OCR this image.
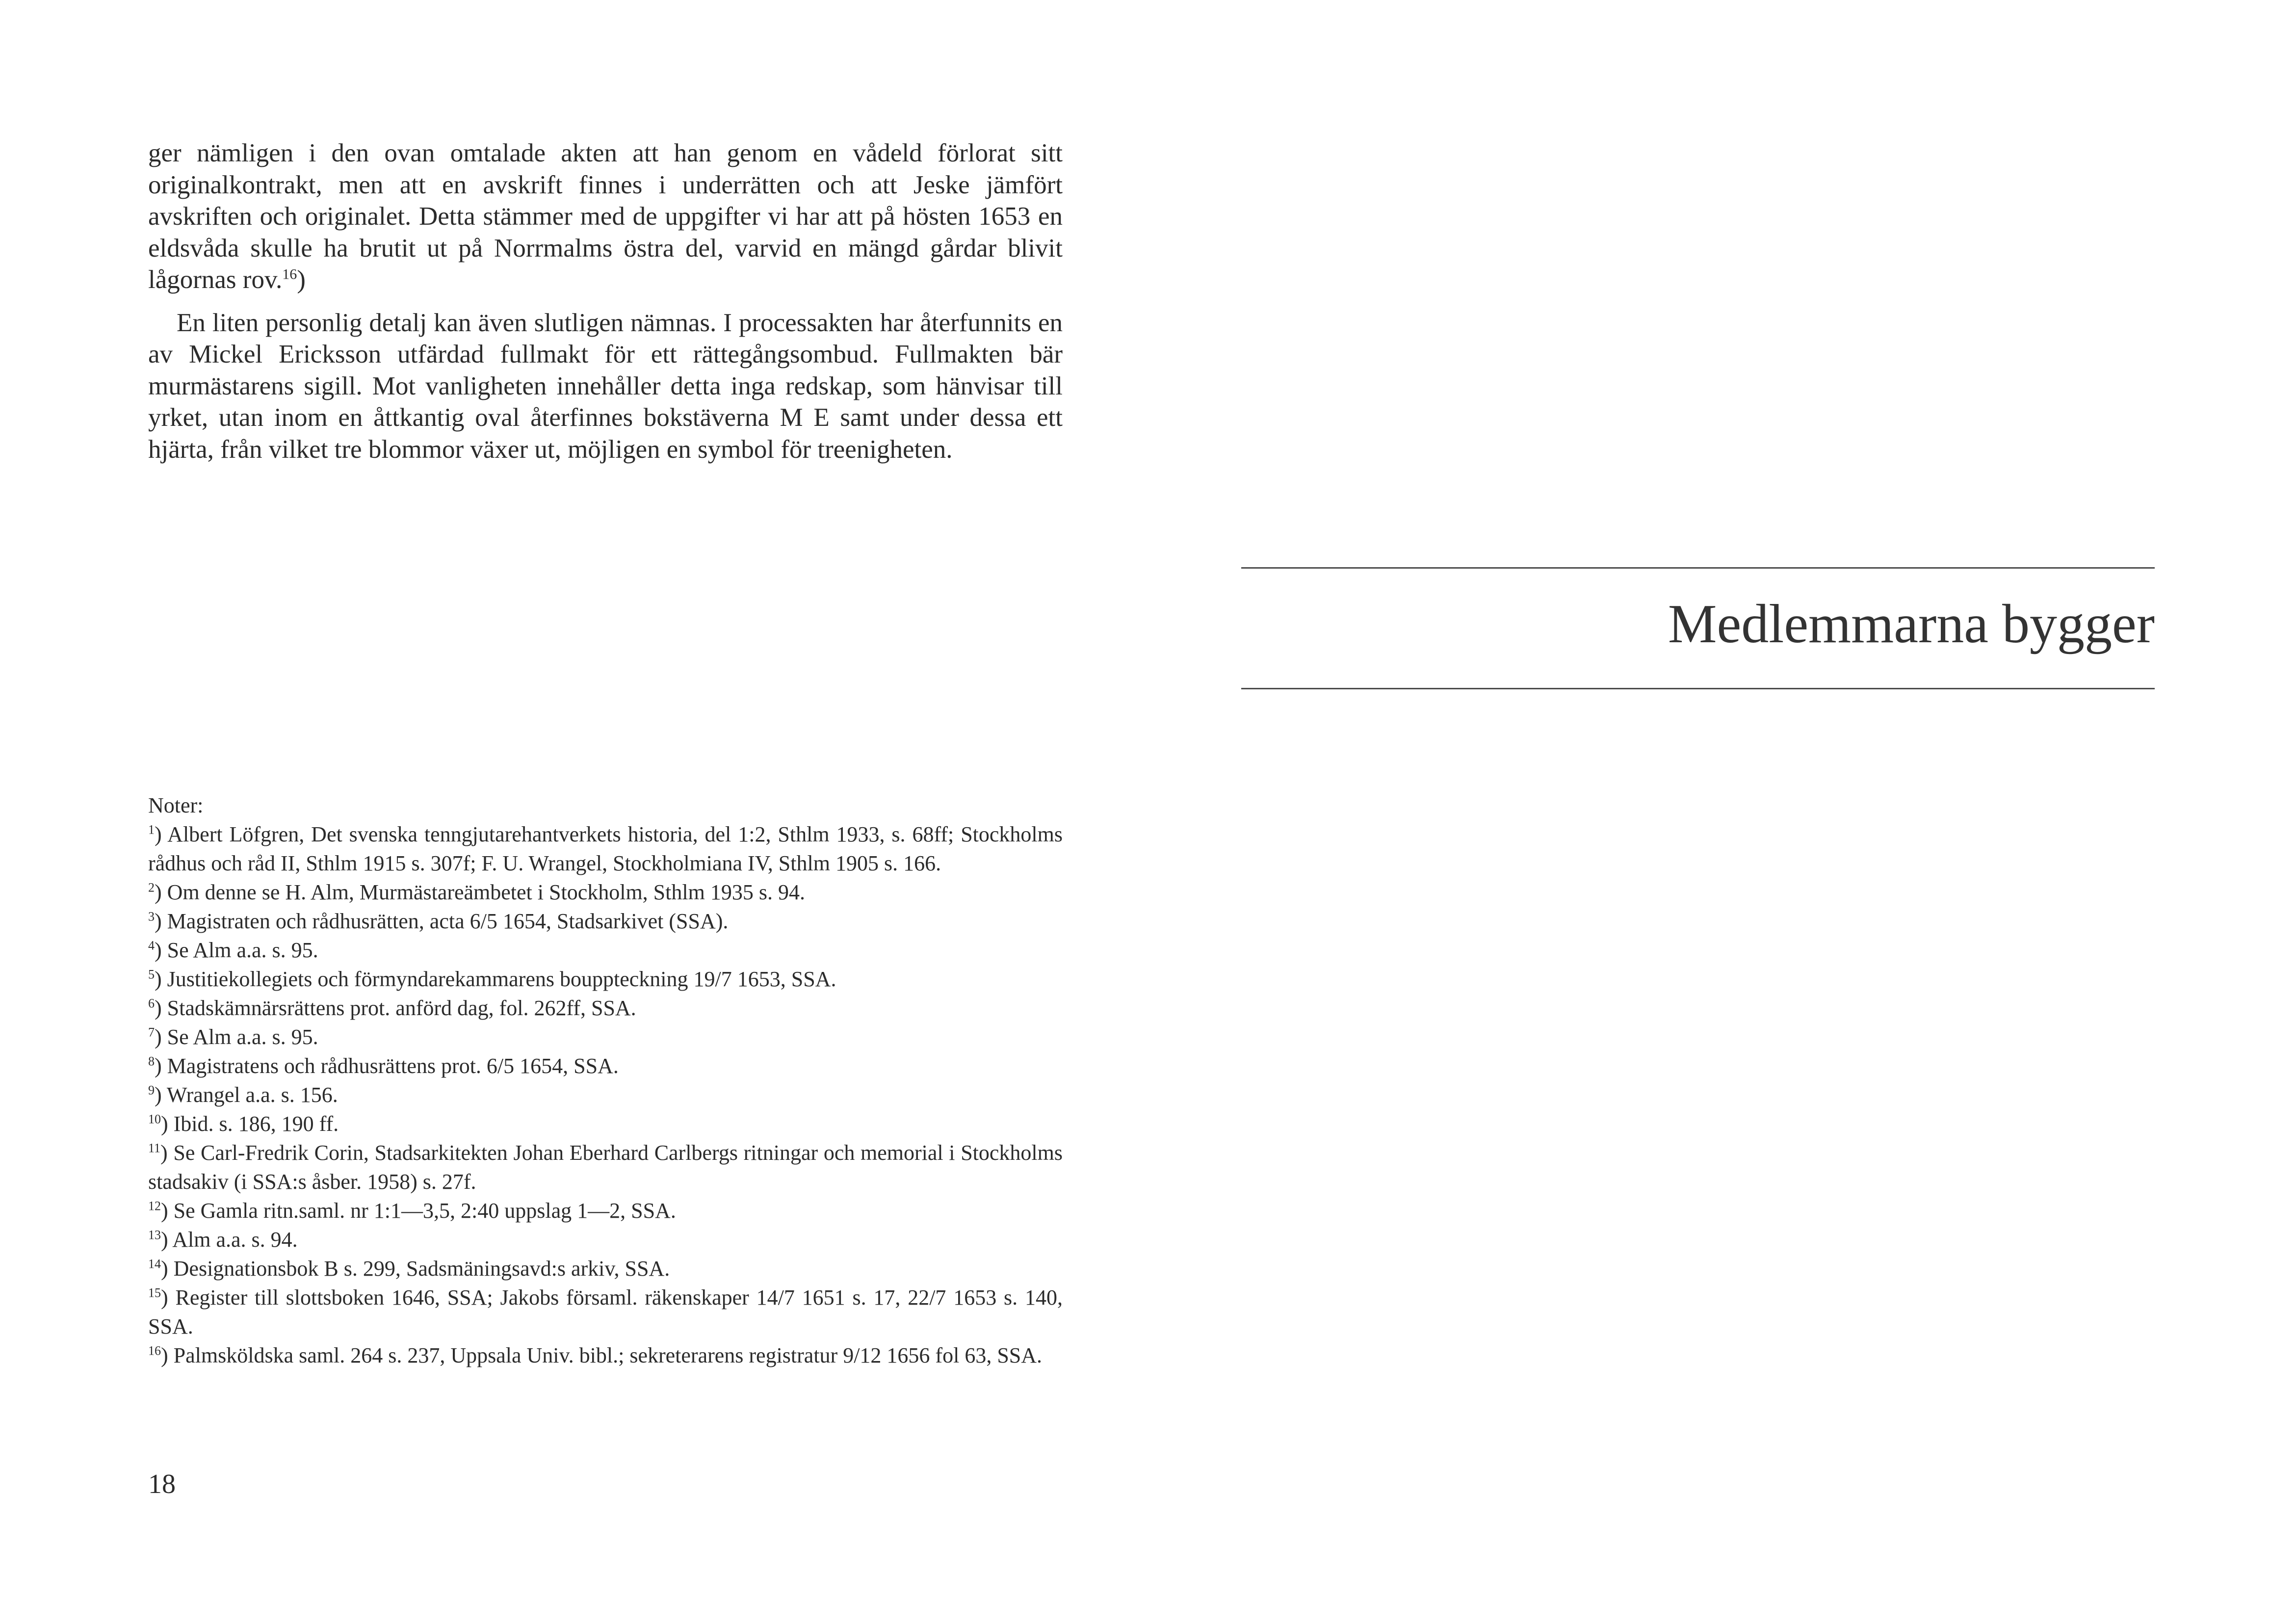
ger nämligen i den ovan omtalade akten att han genom en vådeld förlorat sitt originalkontrakt, men att en avskrift finnes i underrätten och att Jeske jämfört avskriften och originalet. Detta stämmer med de uppgifter vi har att på hösten 1653 en eldsvåda skulle ha brutit ut på Norrmalms östra del, varvid en mängd gårdar blivit lågornas rov.$^{16}$)

En liten personlig detalj kan även slutligen nämnas. I processakten har återfunnits en av Mickel Ericksson utfärdad fullmakt för ett rättegångsombud. Fullmakten bär murmästarens sigill. Mot vanligheten innehåller detta inga redskap, som hänvisar till yrket, utan inom en åttkantig oval återfinnes bokstäverna M E samt under dessa ett hjärta, från vilket tre blommor växer ut, möjligen en symbol för treenigheten.

Noter:
$^1$) Albert Löfgren, Det svenska tenngjutarehantverkets historia, del 1:2, Sthlm 1933, s. 68ff; Stockholms rådhus och råd II, Sthlm 1915 s. 307f; F. U. Wrangel, Stockholmiana IV, Sthlm 1905 s. 166.
$^2$) Om denne se H. Alm, Murmästareämbetet i Stockholm, Sthlm 1935 s. 94.
$^3$) Magistraten och rådhusrätten, acta 6/5 1654, Stadsarkivet (SSA).
$^4$) Se Alm a.a. s. 95.
$^5$) Justitiekollegiets och förmyndarekammarens bouppteckning 19/7 1653, SSA.
$^6$) Stadskämnärsrättens prot. anförd dag, fol. 262ff, SSA.
$^7$) Se Alm a.a. s. 95.
$^8$) Magistratens och rådhusrättens prot. 6/5 1654, SSA.
$^9$) Wrangel a.a. s. 156.
$^{10}$) Ibid. s. 186, 190 ff.
$^{11}$) Se Carl-Fredrik Corin, Stadsarkitekten Johan Eberhard Carlbergs ritningar och memorial i Stockholms stadsakiv (i SSA:s åsber. 1958) s. 27f.
$^{12}$) Se Gamla ritn.saml. nr 1:1—3,5, 2:40 uppslag 1—2, SSA.
$^{13}$) Alm a.a. s. 94.
$^{14}$) Designationsbok B s. 299, Sadsmäningsavd:s arkiv, SSA.
$^{15}$) Register till slottsboken 1646, SSA; Jakobs församl. räkenskaper 14/7 1651 s. 17, 22/7 1653 s. 140, SSA.
$^{16}$) Palmsköldska saml. 264 s. 237, Uppsala Univ. bibl.; sekreterarens registratur 9/12 1656 fol 63, SSA.
18
Medlemmarna bygger
